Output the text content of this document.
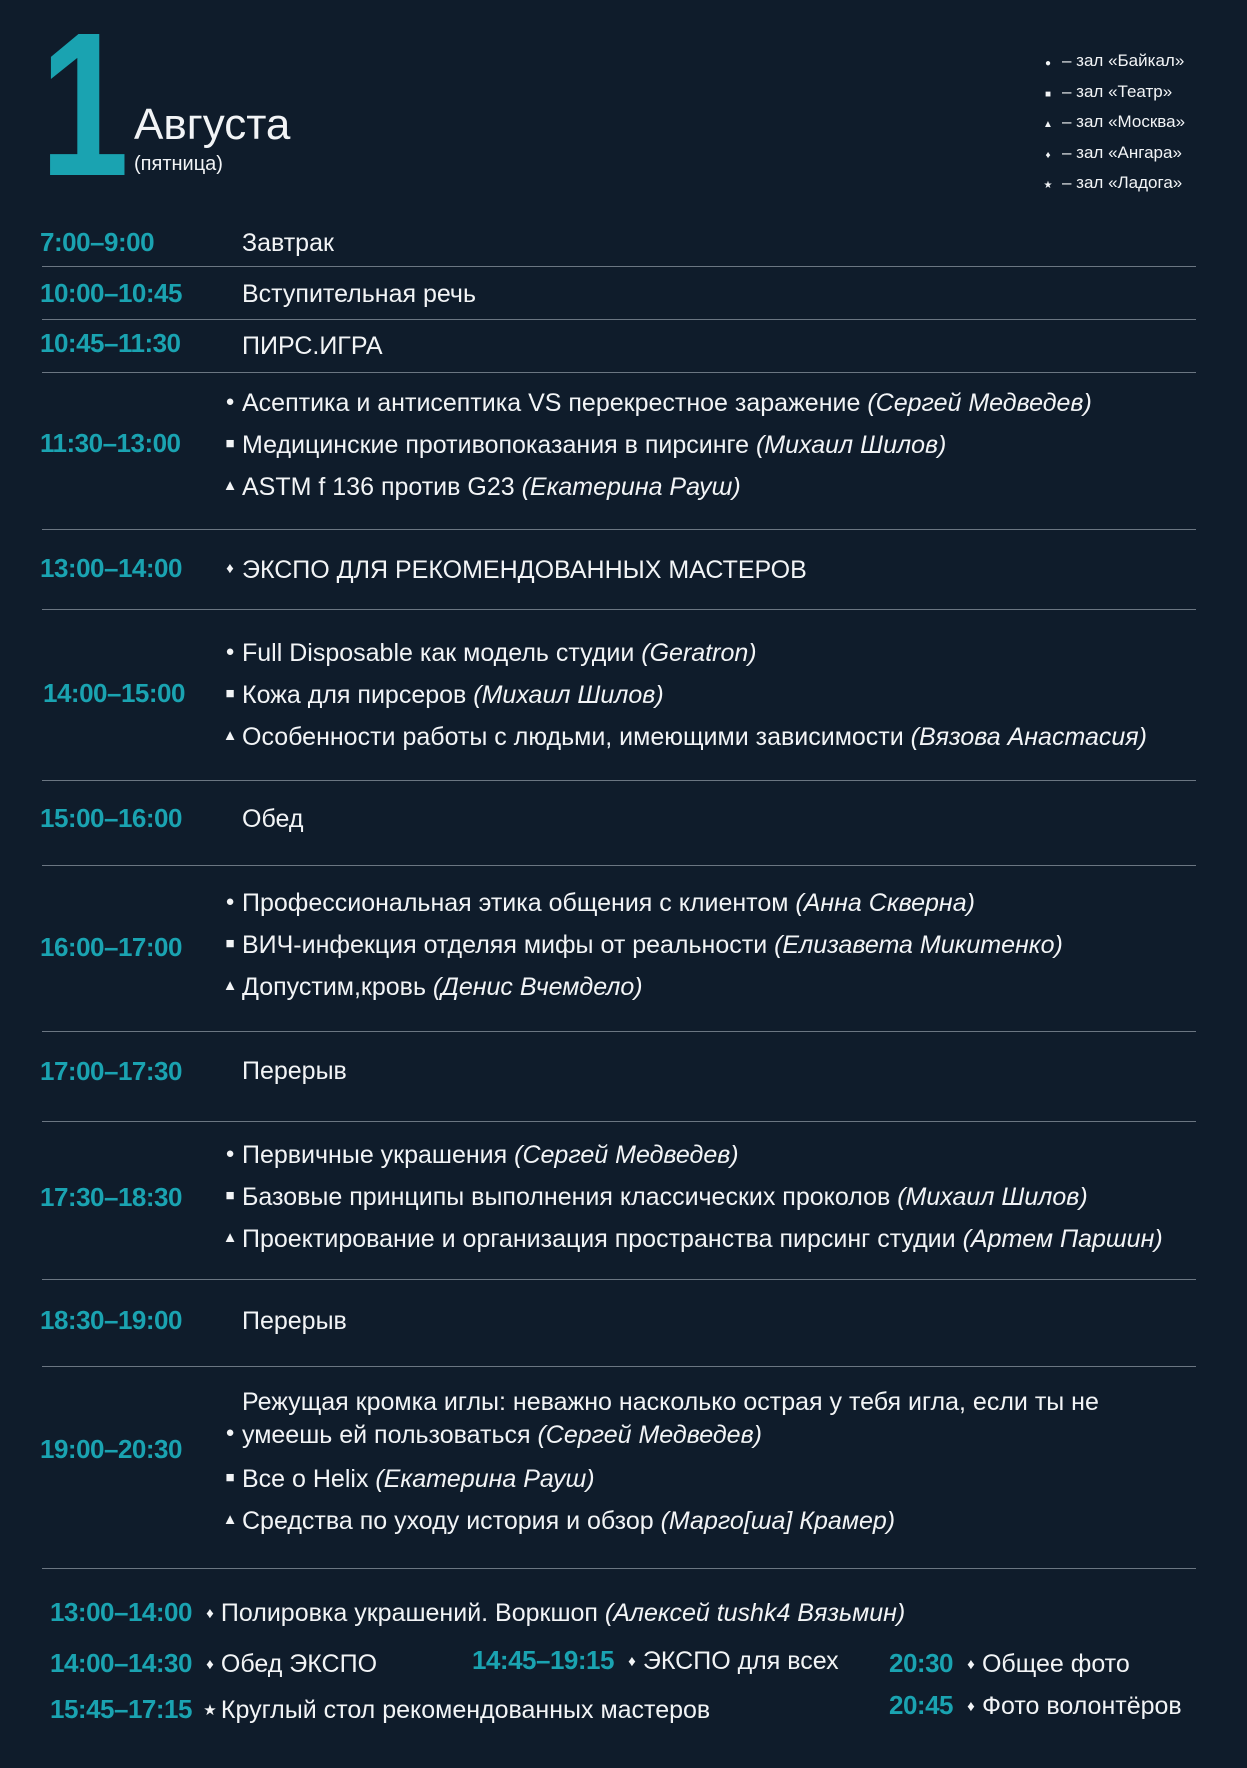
1 Августа
(пятница)
● – зал «Байкал»
■ – зал «Театр»
▲ – зал «Москва»
♦ – зал «Ангара»
★ – зал «Ладога»
7:00–9:00	Завтрак
10:00–10:45 Вступительная речь
10:45–11:30 ПИРС.ИГРА
11:30–13:00
● Асептика и антисептика VS перекрестное заражение (Сергей Медведев)
■ Медицинские противопоказания в пирсинге (Михаил Шилов)
▲ ASTM f 136 против G23 (Екатерина Рауш)
13:00–14:00	♦ ЭКСПО ДЛЯ РЕКОМЕНДОВАННЫХ МАСТЕРОВ
14:00–15:00
● Full Disposable как модель студии (Geratron)
■ Кожа для пирсеров (Михаил Шилов)
▲ Особенности работы с людьми, имеющими зависимости (Вязова Анастасия)
15:00–16:00 Обед
16:00–17:00
● Профессиональная этика общения с клиентом (Анна Скверна)
■ ВИЧ-инфекция отделяя мифы от реальности (Елизавета Микитенко)
▲ Допустим,кровь (Денис Вчемдело)
17:00–17:30 Перерыв
17:30–18:30
● Первичные украшения (Сергей Медведев)
■ Базовые принципы выполнения классических проколов (Михаил Шилов)
▲ Проектирование и организация пространства пирсинг студии (Артем Паршин)
18:30–19:00 Перерыв
19:00–20:30
●
Режущая кромка иглы: неважно насколько острая у тебя игла, если ты не умеешь ей пользоваться (Сергей Медведев)
■ Все о Helix (Екатерина Рауш)
▲ Средства по уходу история и обзор (Марго[ша] Крамер)
13:00–14:00 ♦ Полировка украшений. Воркшоп (Алексей tushk4 Вязьмин)
14:00–14:30 ♦ Обед ЭКСПО	14:45–19:15 ♦ ЭКСПО для всех 20:30 ♦ Общее фото
15:45–17:15 ★ Круглый стол рекомендованных мастеров	20:45 ♦ Фото волонтёров
